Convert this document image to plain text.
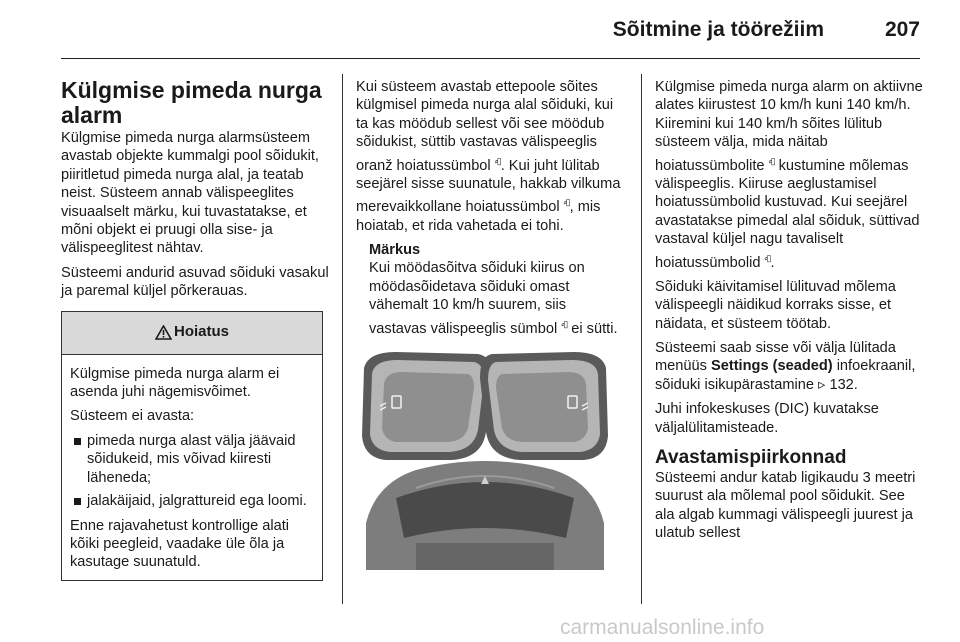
Sõitmine ja töörežiim	207
Külgmise pimeda nurga alarm

Külgmise pimeda nurga alarmsüsteem avastab objekte kummalgi pool sõidukit, piiritletud pimeda nurga alal, ja teatab neist. Süsteem annab välispeeglites visuaalselt märku, kui tuvastatakse, et mõni objekt ei pruugi olla sise- ja välispeeglitest nähtav.

Süsteemi andurid asuvad sõiduki vasakul ja paremal küljel põrkerauas.

Hoiatus

Külgmise pimeda nurga alarm ei asenda juhi nägemisvõimet.

Süsteem ei avasta:

pimeda nurga alast välja jäävaid sõidukeid, mis võivad kiiresti läheneda;
jalakäijaid, jalgrattureid ega loomi.

Enne rajavahetust kontrollige alati kõiki peegleid, vaadake üle õla ja kasutage suunatuld.

Kui süsteem avastab ettepoole sõites külgmisel pimeda nurga alal sõiduki, kui ta kas möödub sellest või see möödub sõidukist, süttib vastavas välispeeglis oranž hoiatussümbol ⸗▯. Kui juht lülitab seejärel sisse suunatule, hakkab vilkuma merevaikkollane hoiatussümbol ⸗▯, mis hoiatab, et rida vahetada ei tohi.

Märkus

Kui möödasõitva sõiduki kiirus on möödasõidetava sõiduki omast vähemalt 10 km/h suurem, siis vastavas välispeeglis sümbol ⸗▯ ei sütti.

Külgmise pimeda nurga alarm on aktiivne alates kiirustest 10 km/h kuni 140 km/h. Kiiremini kui 140 km/h sõites lülitub süsteem välja, mida näitab hoiatussümbolite ⸗▯ kustumine mõlemas välispeeglis. Kiiruse aeglustamisel hoiatussümbolid kustuvad. Kui seejärel avastatakse pimedal alal sõiduk, süttivad vastaval küljel nagu tavaliselt hoiatussümbolid ⸗▯.

Sõiduki käivitamisel lülituvad mõlema välispeegli näidikud korraks sisse, et näidata, et süsteem töötab.

Süsteemi saab sisse või välja lülitada menüüs Settings (seaded) infoekraanil, sõiduki isikupärastamine ▹ 132.

Juhi infokeskuses (DIC) kuvatakse väljalülitamisteade.

Avastamispiirkonnad

Süsteemi andur katab ligikaudu 3 meetri suurust ala mõlemal pool sõidukit. See ala algab kummagi välispeegli juurest ja ulatub sellest

carmanualsonline.info
